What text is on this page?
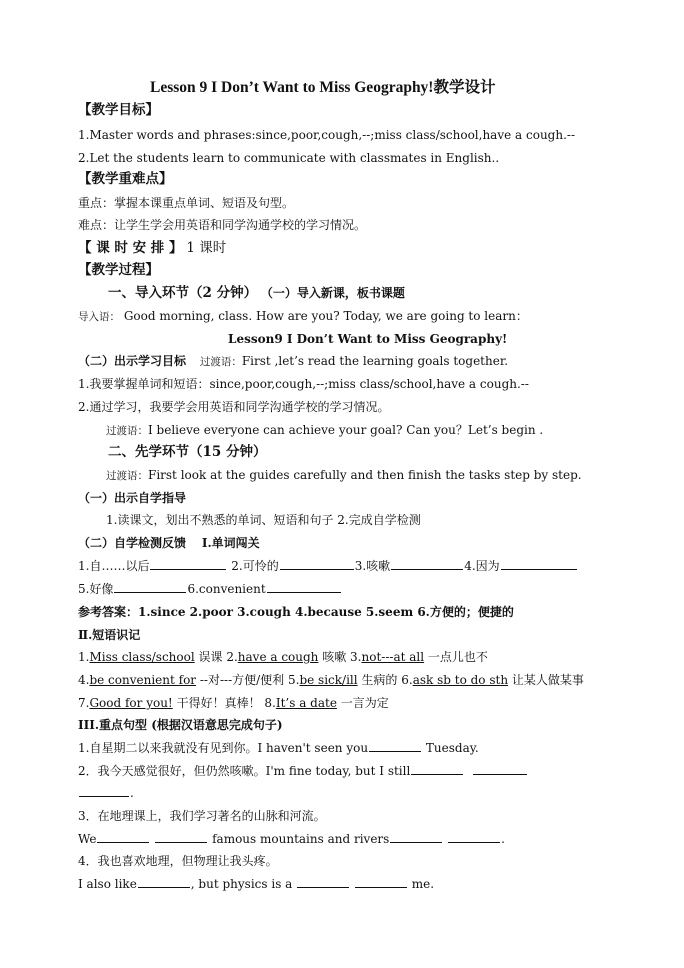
Lesson 9 I Don’t Want to Miss Geography!教学设计
【教学目标】
1.Master words and phrases:since,poor,cough,--;miss class/school,have a cough.--
2.Let the students learn to communicate with classmates in English..
【教学重难点】
重点：掌握本课重点单词、短语及句型。
难点：让学生学会用英语和同学沟通学校的学习情况。
【 课 时 安 排 】 1 课时
【教学过程】
一、导入环节（2 分钟） （一）导入新课，板书课题
导入语： Good morning, class. How are you? Today, we are going to learn：
Lesson9 I Don’t Want to Miss Geography!
（二）出示学习目标 过渡语：First ,let’s read the learning goals together.
1.我要掌握单词和短语：since,poor,cough,--;miss class/school,have a cough.--
2.通过学习，我要学会用英语和同学沟通学校的学习情况。
过渡语：I believe everyone can achieve your goal? Can you？Let’s begin .
二、先学环节（15 分钟）
过渡语：First look at the guides carefully and then finish the tasks step by step.
（一）出示自学指导
1.读课文，划出不熟悉的单词、短语和句子 2.完成自学检测
（二）自学检测反馈 Ⅰ.单词闯关
1.自……以后	2.可怜的	3.咳嗽	4.因为
5.好像	6.convenient
参考答案：1.since 2.poor 3.cough 4.because 5.seem 6.方便的；便捷的
Ⅱ.短语识记
1.Miss class/school 误课 2.have a cough 咳嗽 3.not---at all 一点儿也不
4.be convenient for --对---方便/便利 5.be sick/ill 生病的 6.ask sb to do sth 让某人做某事
7.Good for you! 干得好！真棒！ 8.It’s a date 一言为定
III.重点句型 (根据汉语意思完成句子)
1.自星期二以来我就没有见到你。I haven't seen you	Tuesday.
2．我今天感觉很好，但仍然咳嗽。I'm fine today, but I still
.
3．在地理课上，我们学习著名的山脉和河流。
We	famous mountains and rivers	.
4．我也喜欢地理，但物理让我头疼。
I also like	, but physics is a	me.
